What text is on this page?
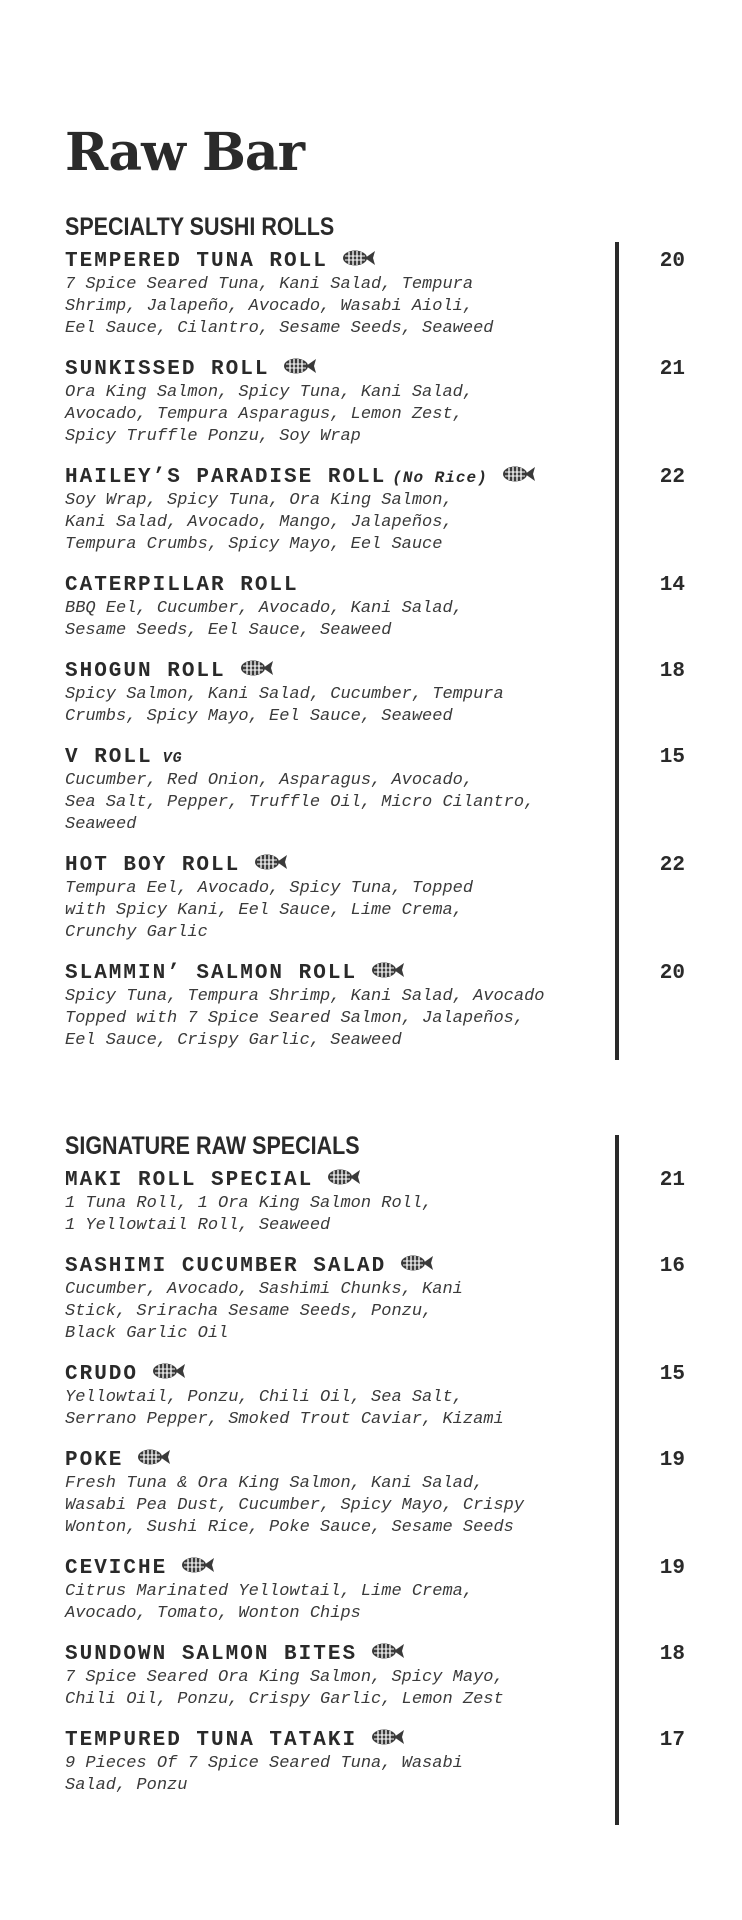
Raw Bar
SPECIALTY SUSHI ROLLS
TEMPERED TUNA ROLL	20
7 Spice Seared Tuna, Kani Salad, Tempura
Shrimp, Jalapeño, Avocado, Wasabi Aioli,
Eel Sauce, Cilantro, Sesame Seeds, Seaweed
SUNKISSED ROLL	21
Ora King Salmon, Spicy Tuna, Kani Salad,
Avocado, Tempura Asparagus, Lemon Zest,
Spicy Truffle Ponzu, Soy Wrap
HAILEY’S PARADISE ROLL (No Rice)	22
Soy Wrap, Spicy Tuna, Ora King Salmon,
Kani Salad, Avocado, Mango, Jalapeños,
Tempura Crumbs, Spicy Mayo, Eel Sauce
CATERPILLAR ROLL	14
BBQ Eel, Cucumber, Avocado, Kani Salad,
Sesame Seeds, Eel Sauce, Seaweed
SHOGUN ROLL	18
Spicy Salmon, Kani Salad, Cucumber, Tempura
Crumbs, Spicy Mayo, Eel Sauce, Seaweed
V ROLL VG	15
Cucumber, Red Onion, Asparagus, Avocado,
Sea Salt, Pepper, Truffle Oil, Micro Cilantro,
Seaweed
HOT BOY ROLL	22
Tempura Eel, Avocado, Spicy Tuna, Topped
with Spicy Kani, Eel Sauce, Lime Crema,
Crunchy Garlic
SLAMMIN’ SALMON ROLL	20
Spicy Tuna, Tempura Shrimp, Kani Salad, Avocado
Topped with 7 Spice Seared Salmon, Jalapeños,
Eel Sauce, Crispy Garlic, Seaweed
SIGNATURE RAW SPECIALS
MAKI ROLL SPECIAL	21
1 Tuna Roll, 1 Ora King Salmon Roll,
1 Yellowtail Roll, Seaweed
SASHIMI CUCUMBER SALAD	16
Cucumber, Avocado, Sashimi Chunks, Kani
Stick, Sriracha Sesame Seeds, Ponzu,
Black Garlic Oil
CRUDO	15
Yellowtail, Ponzu, Chili Oil, Sea Salt,
Serrano Pepper, Smoked Trout Caviar, Kizami
POKE	19
Fresh Tuna & Ora King Salmon, Kani Salad,
Wasabi Pea Dust, Cucumber, Spicy Mayo, Crispy
Wonton, Sushi Rice, Poke Sauce, Sesame Seeds
CEVICHE	19
Citrus Marinated Yellowtail, Lime Crema,
Avocado, Tomato, Wonton Chips
SUNDOWN SALMON BITES	18
7 Spice Seared Ora King Salmon, Spicy Mayo,
Chili Oil, Ponzu, Crispy Garlic, Lemon Zest
TEMPURED TUNA TATAKI	17
9 Pieces Of 7 Spice Seared Tuna, Wasabi
Salad, Ponzu
